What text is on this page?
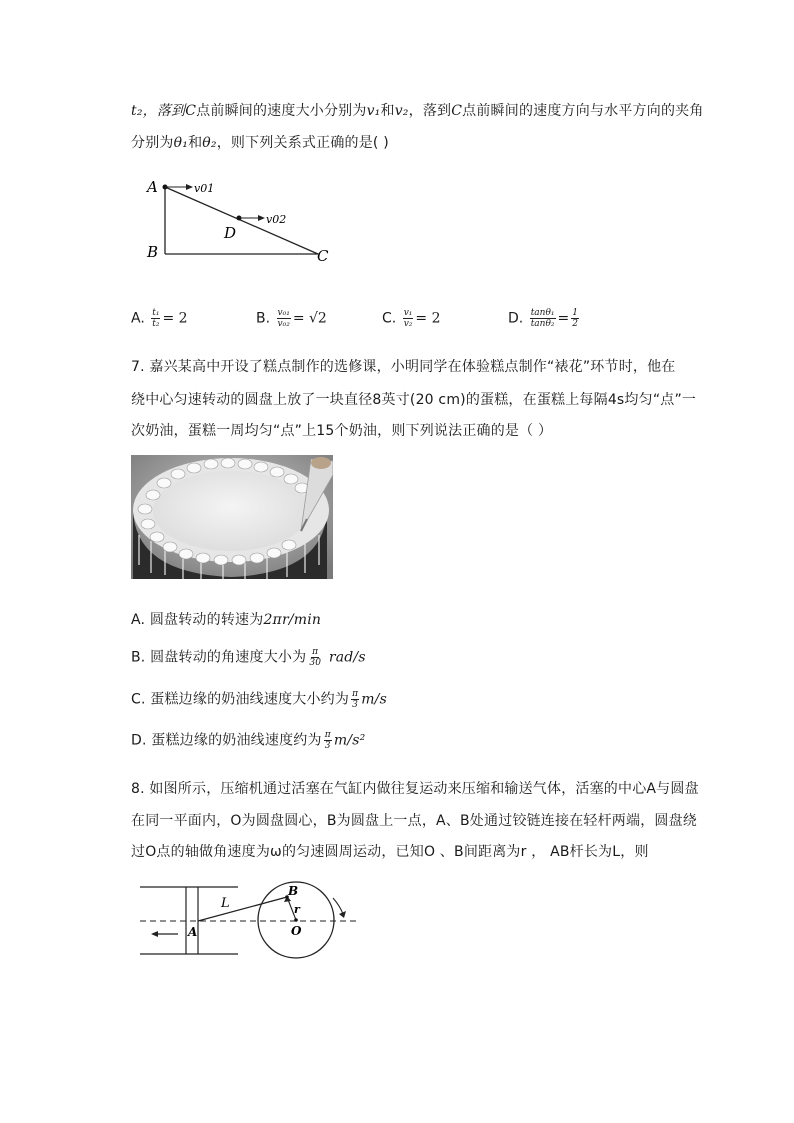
t₂，落到C点前瞬间的速度大小分别为v₁和v₂，落到C点前瞬间的速度方向与水平方向的夹角
分别为θ₁和θ₂，则下列关系式正确的是( )
A	v01
D
v02
B	C
A. $\frac{\text{t₁}}{\text{t₂}} = 2$	B. $\frac{\text{v₀₁}}{\text{v₀₂}} = √2$	C. $\frac{\text{v₁}}{\text{v₂}} = 2$	D. $\frac{\text{tanθ₁}}{\text{tanθ₂}} = \frac{1}{2}$
7. 嘉兴某高中开设了糕点制作的选修课，小明同学在体验糕点制作“裱花”环节时，他在
绕中心匀速转动的圆盘上放了一块直径8英寸(20 cm)的蛋糕，在蛋糕上每隔4s均匀“点”一
次奶油，蛋糕一周均匀“点”上15个奶油，则下列说法正确的是（ ）
A. 圆盘转动的转速为2πr/min
B. 圆盘转动的角速度大小为 $\frac{\pi}{30} rad/s$
C. 蛋糕边缘的奶油线速度大小约为 $\frac{\pi}{3} m/s$
D. 蛋糕边缘的奶油线速度约为 $\frac{\pi}{3} m/s^2$
8. 如图所示，压缩机通过活塞在气缸内做往复运动来压缩和输送气体，活塞的中心A与圆盘
在同一平面内，O为圆盘圆心，B为圆盘上一点，A、B处通过铰链连接在轻杆两端，圆盘绕
过O点的轴做角速度为ω的匀速圆周运动，已知O 、B间距离为r ， AB杆长为L，则
L
A
B
r
O
